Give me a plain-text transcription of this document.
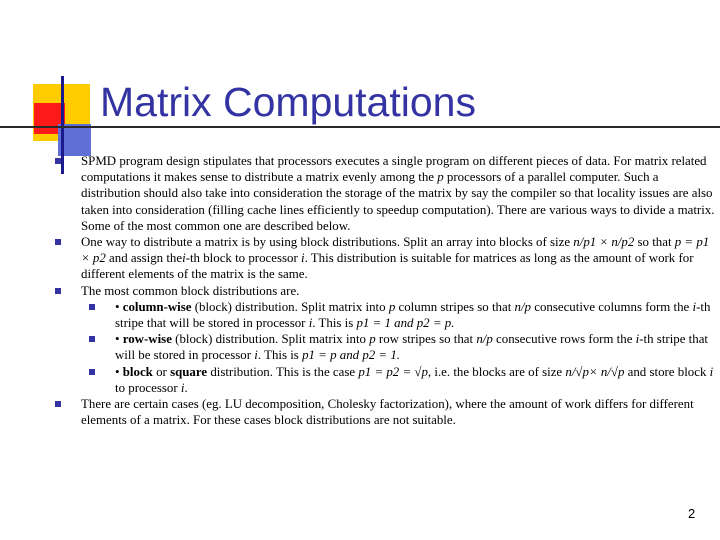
Matrix Computations
SPMD program design stipulates that processors executes a single program on different pieces of data. For matrix related computations it makes sense to distribute a matrix evenly among the p processors of a parallel computer. Such a distribution should also take into consideration the storage of the matrix by say the compiler so that locality issues are also taken into consideration (filling cache lines efficiently to speedup computation). There are various ways to divide a matrix. Some of the most common one are described below.
One way to distribute a matrix is by using block distributions. Split an array into blocks of size n/p1 × n/p2 so that p = p1 × p2 and assign thei-th block to processor i. This distribution is suitable for matrices as long as the amount of work for different elements of the matrix is the same.
The most common block distributions are.
• column-wise (block) distribution. Split matrix into p column stripes so that n/p consecutive columns form the i-th stripe that will be stored in processor i. This is p1 = 1 and p2 = p.
• row-wise (block) distribution. Split matrix into p row stripes so that n/p consecutive rows form the i-th stripe that will be stored in processor i. This is p1 = p and p2 = 1.
• block or square distribution. This is the case p1 = p2 = √p, i.e. the blocks are of size n/√p× n/√p and store block i to processor i.
There are certain cases (eg. LU decomposition, Cholesky factorization), where the amount of work differs for different elements of a matrix. For these cases block distributions are not suitable.
2
